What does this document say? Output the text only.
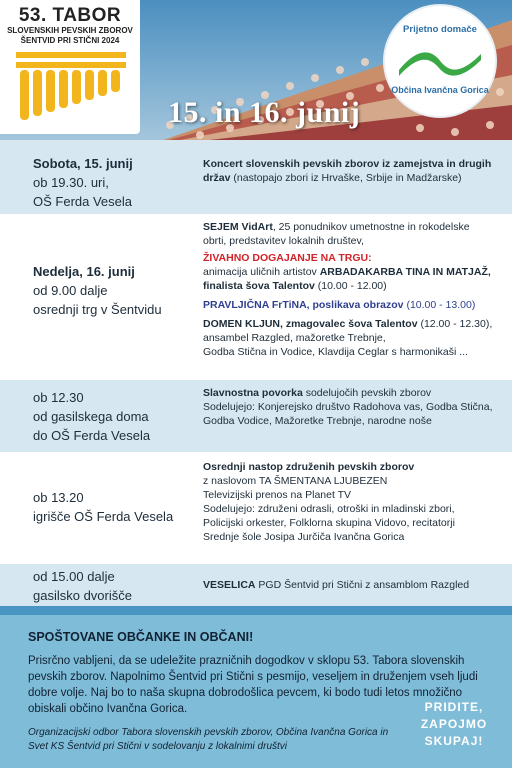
53. TABOR
SLOVENSKIH PEVSKIH ZBOROV
ŠENTVID PRI STIČNI 2024
Prijetno domače
Občina Ivančna Gorica
15. in 16. junij
Sobota, 15. junij
ob 19.30. uri,
OŠ Ferda Vesela
Koncert slovenskih pevskih zborov iz zamejstva in drugih držav (nastopajo zbori iz Hrvaške, Srbije in Madžarske)
Nedelja, 16. junij
od 9.00 dalje
osrednji trg v Šentvidu
SEJEM VidArt, 25 ponudnikov umetnostne in rokodelske obrti, predstavitev lokalnih društev,
ŽIVAHNO DOGAJANJE NA TRGU:
animacija uličnih artistov ARBADAKARBA TINA IN MATJAŽ, finalista šova Talentov (10.00 - 12.00)
PRAVLJIČNA FrTiNA, poslikava obrazov (10.00 - 13.00)
DOMEN KLJUN, zmagovalec šova Talentov (12.00 - 12.30), ansambel Razgled, mažoretke Trebnje,
Godba Stična in Vodice, Klavdija Ceglar s harmonikaši ...
ob 12.30
od gasilskega doma
do OŠ Ferda Vesela
Slavnostna povorka sodelujočih pevskih zborov
Sodelujejo: Konjerejsko društvo Radohova vas, Godba Stična, Godba Vodice, Mažoretke Trebnje, narodne noše
ob 13.20
igrišče OŠ Ferda Vesela
Osrednji nastop združenih pevskih zborov
z naslovom TA ŠMENTANA LJUBEZEN
Televizijski prenos na Planet TV
Sodelujejo: združeni odrasli, otroški in mladinski zbori, Policijski orkester, Folklorna skupina Vidovo, recitatorji Srednje šole Josipa Jurčiča Ivančna Gorica
od 15.00 dalje
gasilsko dvorišče
VESELICA PGD Šentvid pri Stični z ansamblom Razgled
SPOŠTOVANE OBČANKE IN OBČANI!
Prisrčno vabljeni, da se udeležite prazničnih dogodkov v sklopu 53. Tabora slovenskih pevskih zborov. Napolnimo Šentvid pri Stični s pesmijo, veseljem in druženjem vseh ljudi dobre volje. Naj bo to naša skupna dobrodošlica pevcem, ki bodo tudi letos množično obiskali občino Ivančna Gorica.
Organizacijski odbor Tabora slovenskih pevskih zborov, Občina Ivančna Gorica in Svet KS Šentvid pri Stični v sodelovanju z lokalnimi društvi
PRIDITE,
ZAPOJMO
SKUPAJ!
